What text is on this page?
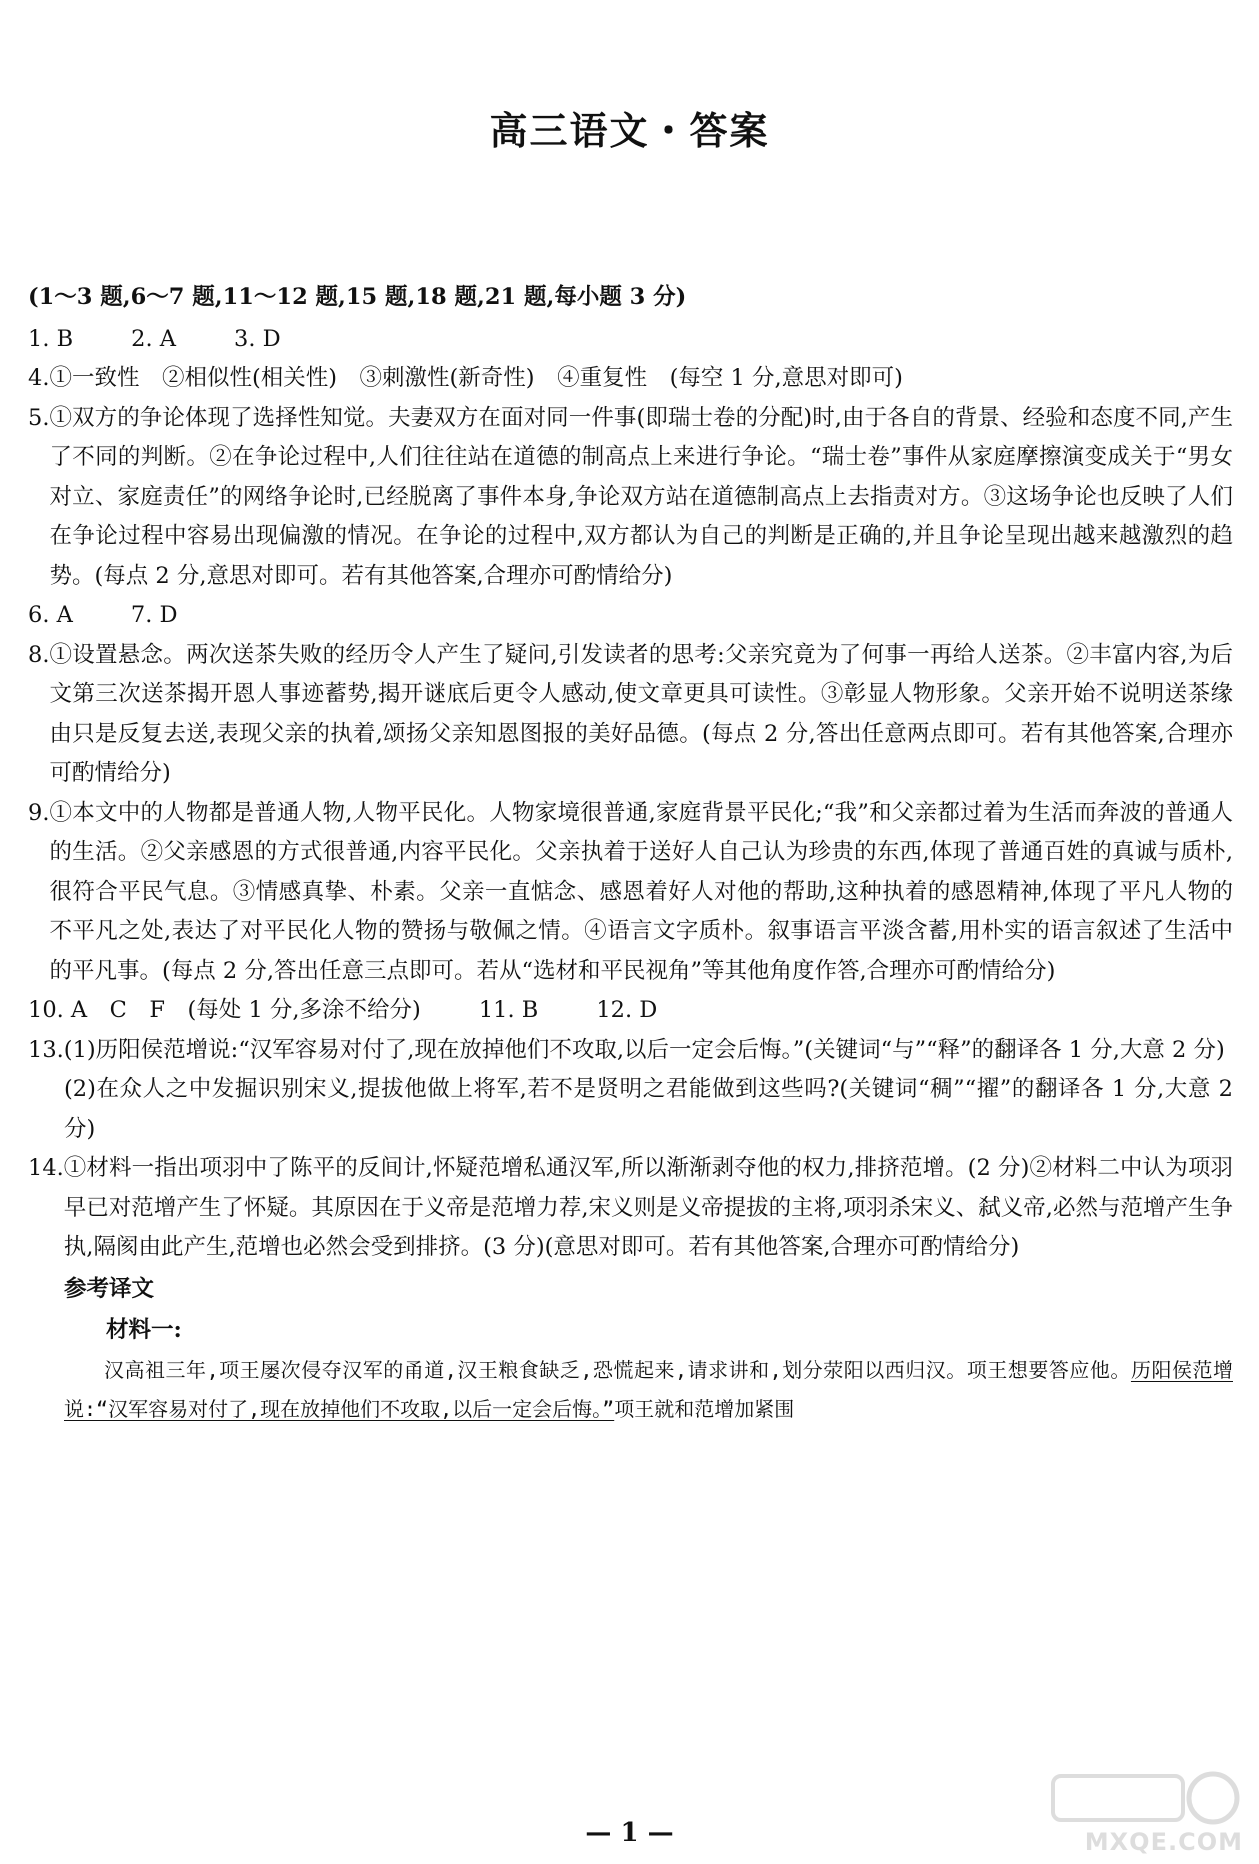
高三语文・答案
(1～3 题,6～7 题,11～12 题,15 题,18 题,21 题,每小题 3 分)
1. B	2. A	3. D
4. ①一致性　②相似性(相关性)　③刺激性(新奇性)　④重复性　(每空 1 分,意思对即可)
5. ①双方的争论体现了选择性知觉。夫妻双方在面对同一件事(即瑞士卷的分配)时,由于各自的背景、经验和态度不同,产生了不同的判断。②在争论过程中,人们往往站在道德的制高点上来进行争论。“瑞士卷”事件从家庭摩擦演变成关于“男女对立、家庭责任”的网络争论时,已经脱离了事件本身,争论双方站在道德制高点上去指责对方。③这场争论也反映了人们在争论过程中容易出现偏激的情况。在争论的过程中,双方都认为自己的判断是正确的,并且争论呈现出越来越激烈的趋势。(每点 2 分,意思对即可。若有其他答案,合理亦可酌情给分)
6. A	7. D
8. ①设置悬念。两次送茶失败的经历令人产生了疑问,引发读者的思考:父亲究竟为了何事一再给人送茶。②丰富内容,为后文第三次送茶揭开恩人事迹蓄势,揭开谜底后更令人感动,使文章更具可读性。③彰显人物形象。父亲开始不说明送茶缘由只是反复去送,表现父亲的执着,颂扬父亲知恩图报的美好品德。(每点 2 分,答出任意两点即可。若有其他答案,合理亦可酌情给分)
9. ①本文中的人物都是普通人物,人物平民化。人物家境很普通,家庭背景平民化;“我”和父亲都过着为生活而奔波的普通人的生活。②父亲感恩的方式很普通,内容平民化。父亲执着于送好人自己认为珍贵的东西,体现了普通百姓的真诚与质朴,很符合平民气息。③情感真挚、朴素。父亲一直惦念、感恩着好人对他的帮助,这种执着的感恩精神,体现了平凡人物的不平凡之处,表达了对平民化人物的赞扬与敬佩之情。④语言文字质朴。叙事语言平淡含蓄,用朴实的语言叙述了生活中的平凡事。(每点 2 分,答出任意三点即可。若从“选材和平民视角”等其他角度作答,合理亦可酌情给分)
10. A　C　F　(每处 1 分,多涂不给分)	11. B	12. D
13. (1)历阳侯范增说:“汉军容易对付了,现在放掉他们不攻取,以后一定会后悔。”(关键词“与”“释”的翻译各 1 分,大意 2 分)
(2)在众人之中发掘识别宋义,提拔他做上将军,若不是贤明之君能做到这些吗?(关键词“稠”“擢”的翻译各 1 分,大意 2 分)
14. ①材料一指出项羽中了陈平的反间计,怀疑范增私通汉军,所以渐渐剥夺他的权力,排挤范增。(2 分)②材料二中认为项羽早已对范增产生了怀疑。其原因在于义帝是范增力荐,宋义则是义帝提拔的主将,项羽杀宋义、弑义帝,必然与范增产生争执,隔阂由此产生,范增也必然会受到排挤。(3 分)(意思对即可。若有其他答案,合理亦可酌情给分)
参考译文
材料一:
汉高祖三年,项王屡次侵夺汉军的甬道,汉王粮食缺乏,恐慌起来,请求讲和,划分荥阳以西归汉。项王想要答应他。历阳侯范增说:“汉军容易对付了,现在放掉他们不攻取,以后一定会后悔。”项王就和范增加紧围
— 1 —	MXQE.COM
